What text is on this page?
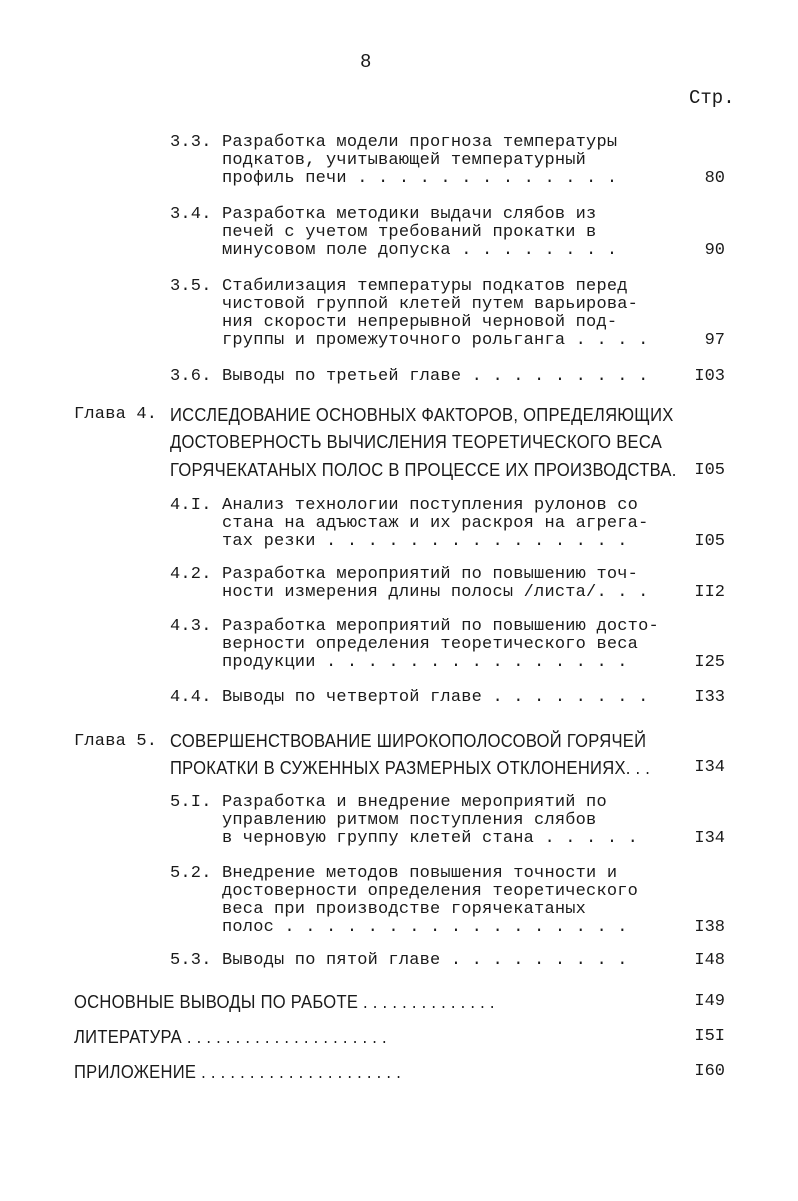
8
Стр.
3.3. Разработка модели прогноза температуры
подкатов, учитывающей температурный
профиль печи . . . . . . . . . . . . .	80
3.4. Разработка методики выдачи слябов из
печей с учетом требований прокатки в
минусовом поле допуска . . . . . . . .	90
3.5. Стабилизация температуры подкатов перед
чистовой группой клетей путем варьирова-
ния скорости непрерывной черновой под-
группы и промежуточного рольганга . . . .	97
3.6. Выводы по третьей главе . . . . . . . . .	I03
Глава 4. ИССЛЕДОВАНИЕ ОСНОВНЫХ ФАКТОРОВ, ОПРЕДЕЛЯЮЩИХ
ДОСТОВЕРНОСТЬ ВЫЧИСЛЕНИЯ ТЕОРЕТИЧЕСКОГО ВЕСА
ГОРЯЧЕКАТАНЫХ ПОЛОС В ПРОЦЕССЕ ИХ ПРОИЗВОДСТВА.	I05
4.I. Анализ технологии поступления рулонов со
стана на адъюстаж и их раскроя на агрега-
тах резки . . . . . . . . . . . . . . .	I05
4.2. Разработка мероприятий по повышению точ-
ности измерения длины полосы /листа/. . .	II2
4.3. Разработка мероприятий по повышению досто-
верности определения теоретического веса
продукции . . . . . . . . . . . . . . .	I25
4.4. Выводы по четвертой главе . . . . . . . .	I33
Глава 5. СОВЕРШЕНСТВОВАНИЕ ШИРОКОПОЛОСОВОЙ ГОРЯЧЕЙ
ПРОКАТКИ В СУЖЕННЫХ РАЗМЕРНЫХ ОТКЛОНЕНИЯХ. . .	I34
5.I. Разработка и внедрение мероприятий по
управлению ритмом поступления слябов
в черновую группу клетей стана . . . . .	I34
5.2. Внедрение методов повышения точности и
достоверности определения теоретического
веса при производстве горячекатаных
полос . . . . . . . . . . . . . . . . .	I38
5.3. Выводы по пятой главе . . . . . . . . .	I48
ОСНОВНЫЕ ВЫВОДЫ ПО РАБОТЕ . . . . . . . . . . . . . .	I49
ЛИТЕРАТУРА . . . . . . . . . . . . . . . . . . . . .	I5I
ПРИЛОЖЕНИЕ . . . . . . . . . . . . . . . . . . . . .	I60
